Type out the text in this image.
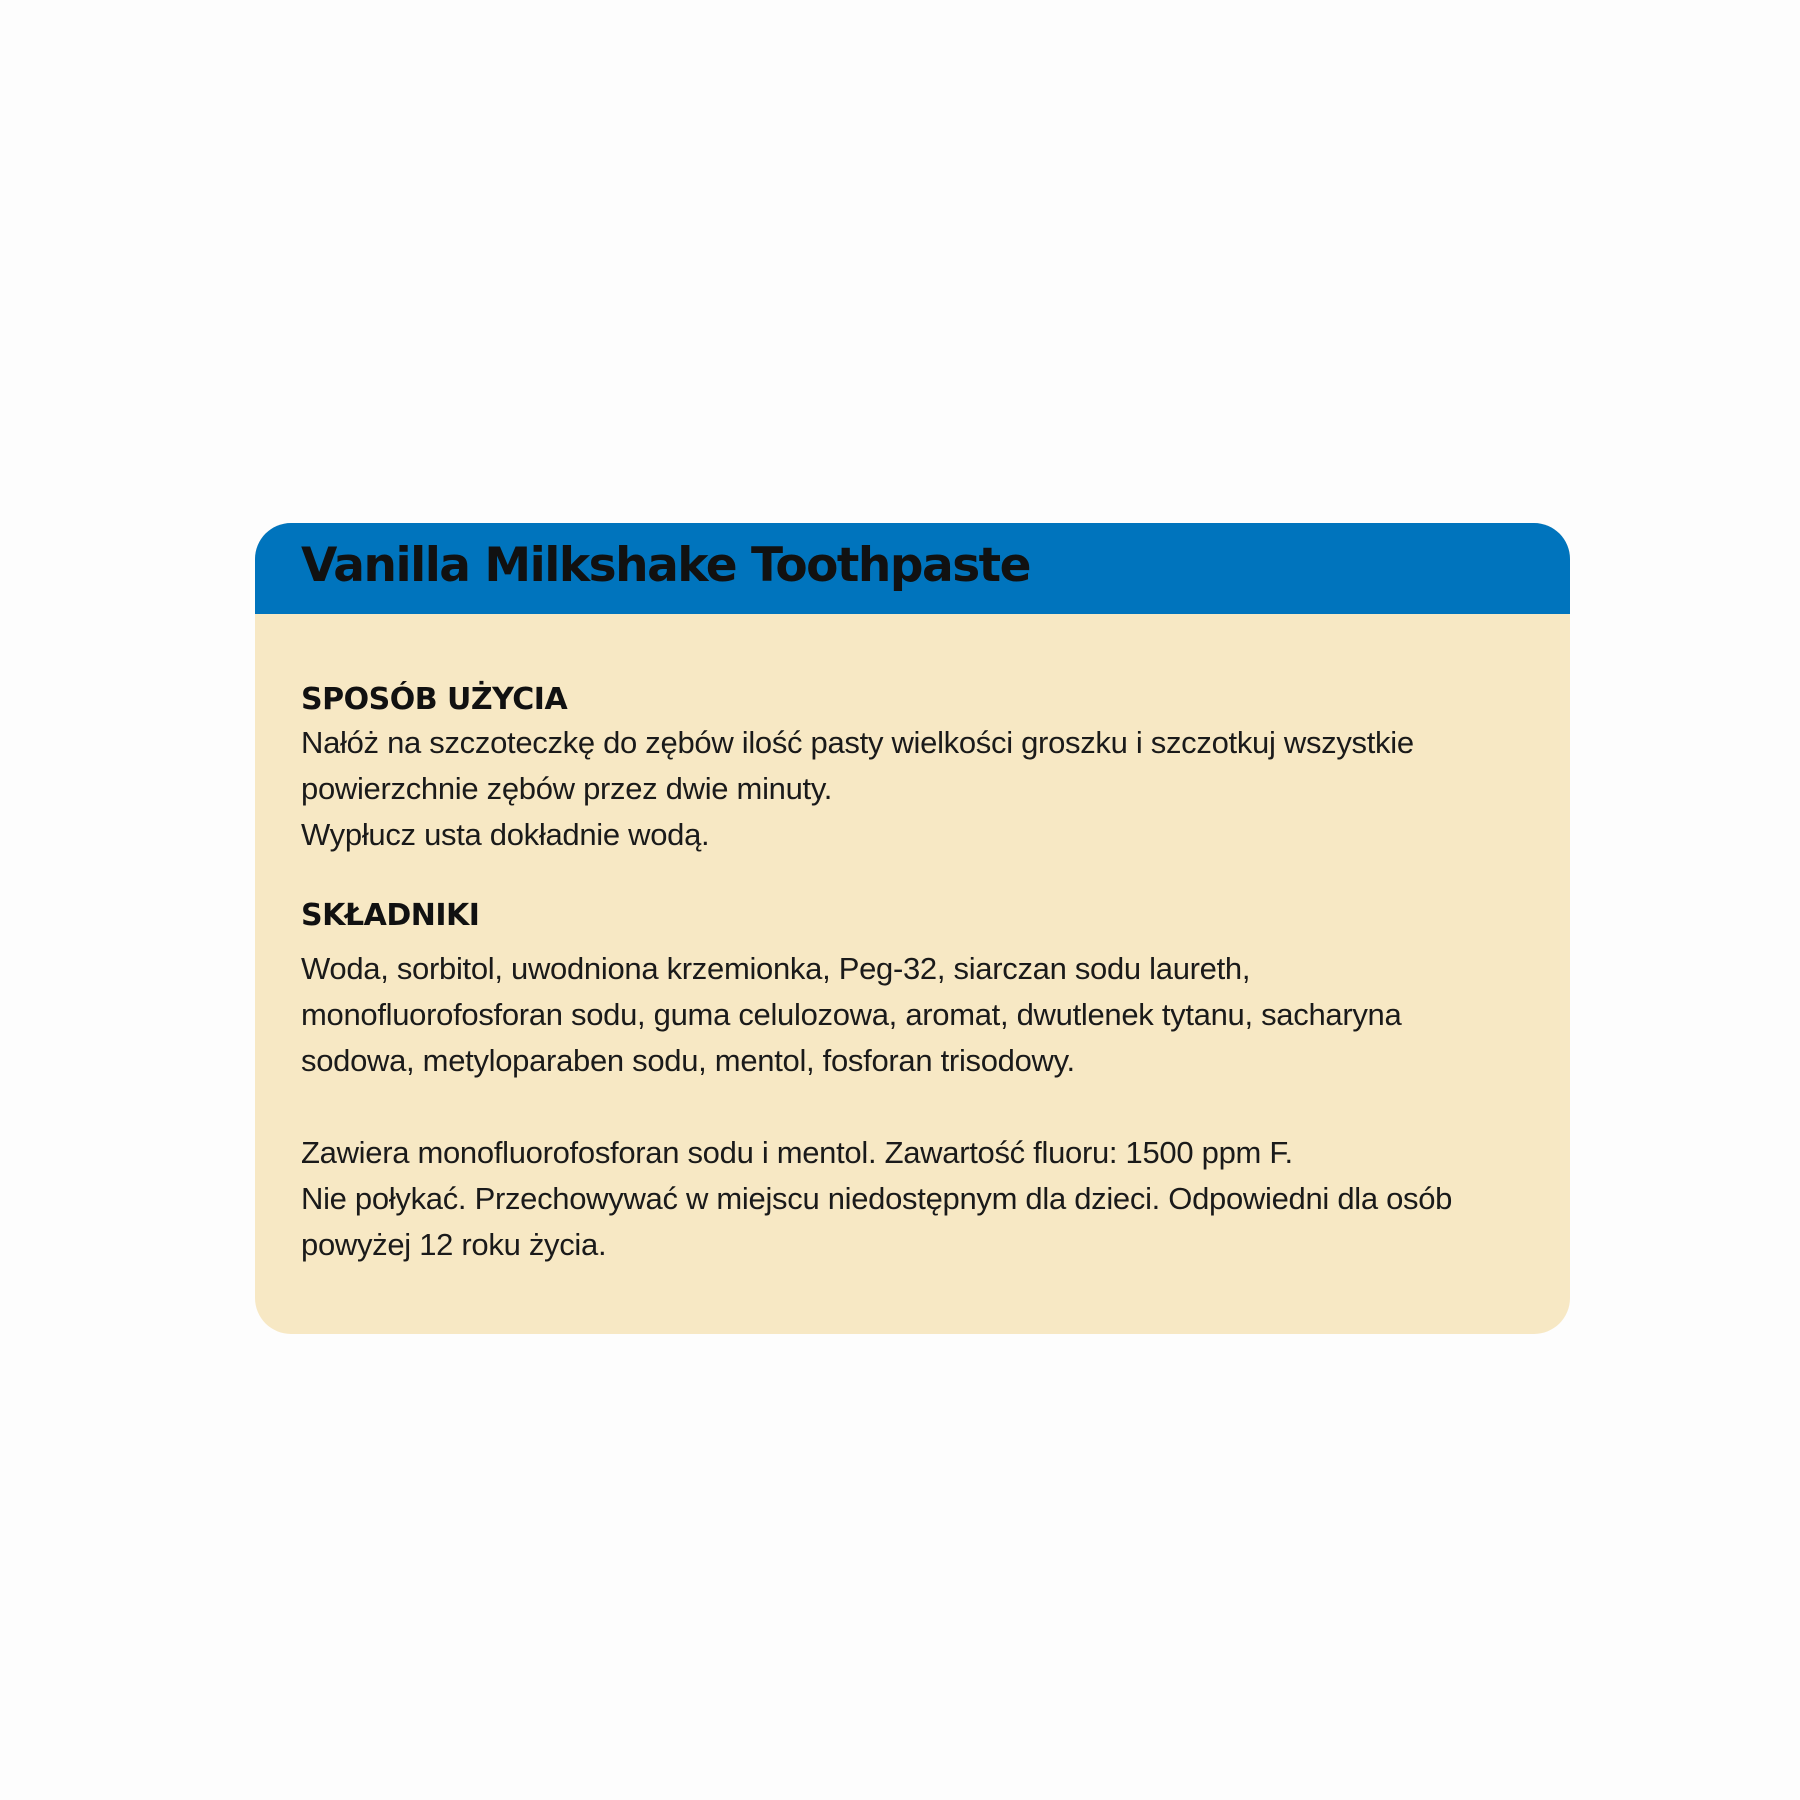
Vanilla Milkshake Toothpaste
SPOSÓB UŻYCIA

Nałóż na szczoteczkę do zębów ilość pasty wielkości groszku i szczotkuj wszystkie

powierzchnie zębów przez dwie minuty.

Wypłucz usta dokładnie wodą.

SKŁADNIKI

Woda, sorbitol, uwodniona krzemionka, Peg-32, siarczan sodu laureth,

monofluorofosforan sodu, guma celulozowa, aromat, dwutlenek tytanu, sacharyna

sodowa, metyloparaben sodu, mentol, fosforan trisodowy.

Zawiera monofluorofosforan sodu i mentol. Zawartość fluoru: 1500 ppm F.

Nie połykać. Przechowywać w miejscu niedostępnym dla dzieci. Odpowiedni dla osób

powyżej 12 roku życia.
